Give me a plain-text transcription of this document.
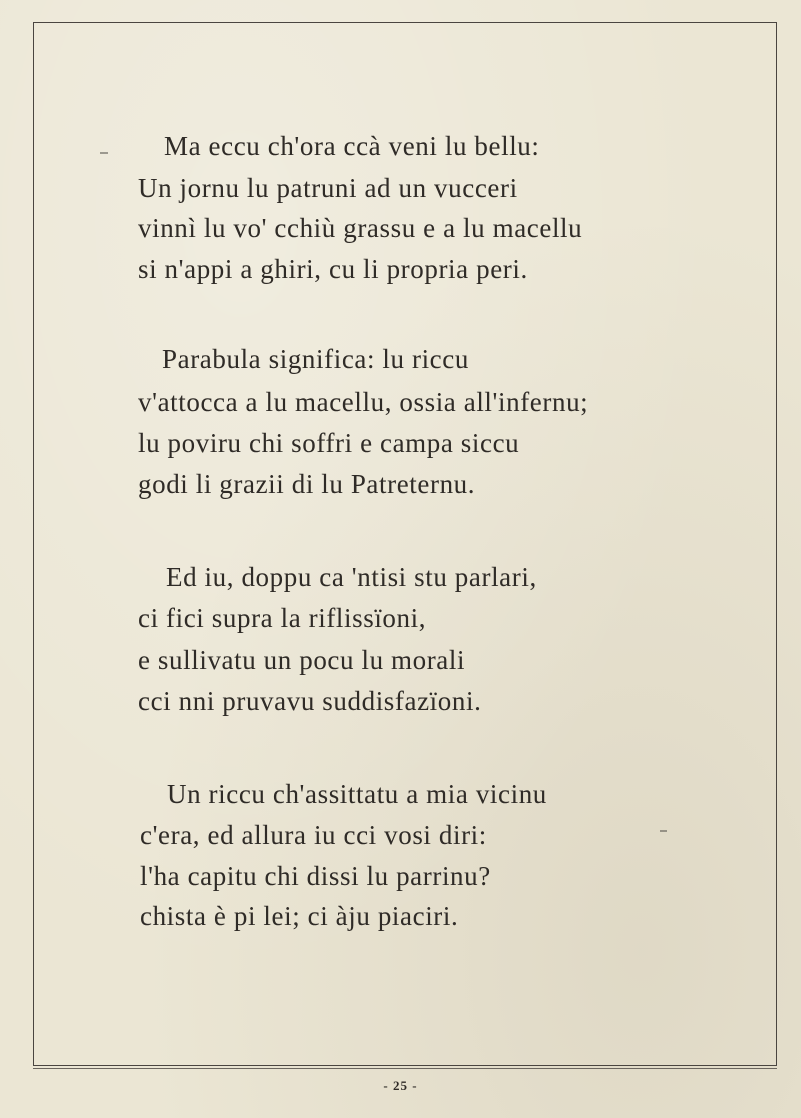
Ma eccu ch'ora ccà veni lu bellu:
Un jornu lu patruni ad un vucceri
vinnì lu vo' cchiù grassu e a lu macellu
si n'appi a ghiri, cu li propria peri.
Parabula significa: lu riccu
v'attocca a lu macellu, ossia all'infernu;
lu poviru chi soffri e campa siccu
godi li grazii di lu Patreternu.
Ed iu, doppu ca 'ntisi stu parlari,
ci fici supra la riflissïoni,
e sullivatu un pocu lu morali
cci nni pruvavu suddisfazïoni.
Un riccu ch'assittatu a mia vicinu
c'era, ed allura iu cci vosi diri:
l'ha capitu chi dissi lu parrinu?
chista è pi lei; ci àju piaciri.
- 25 -
